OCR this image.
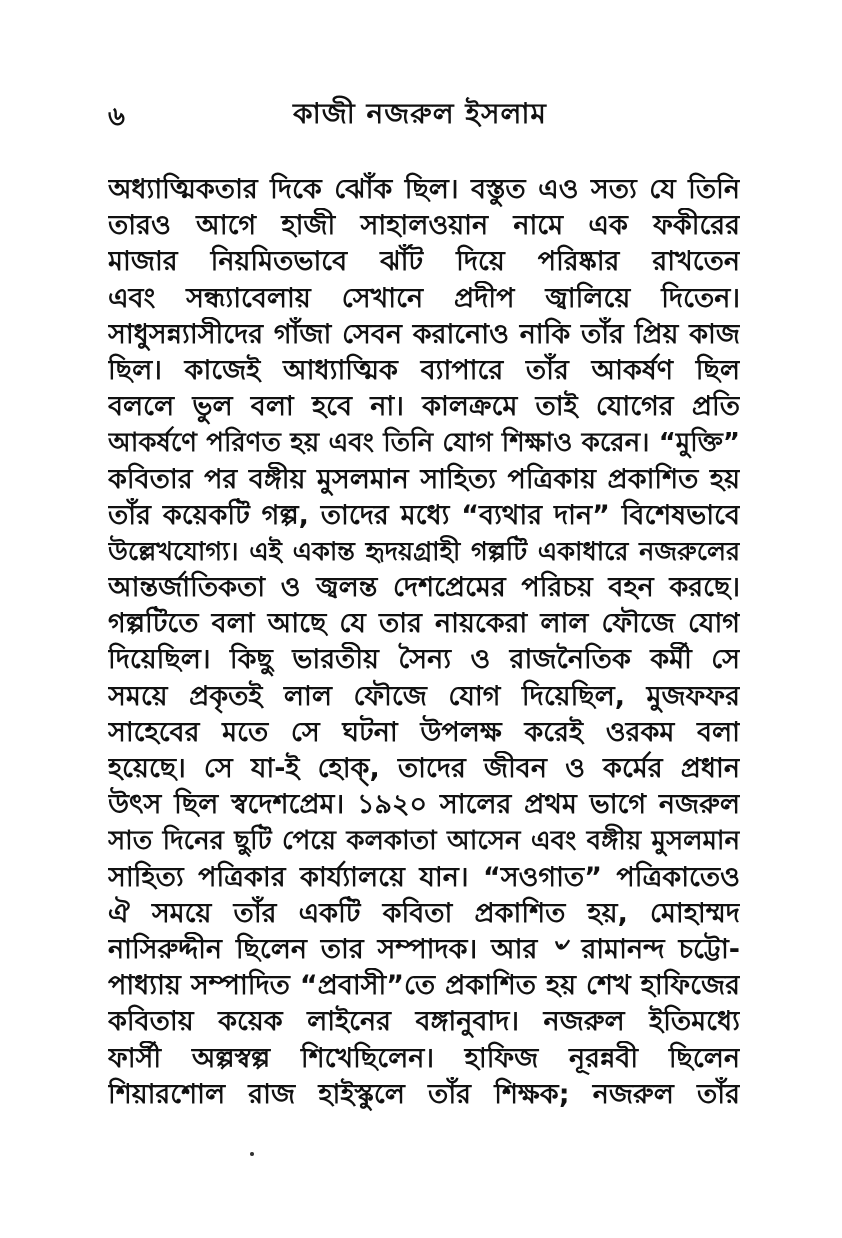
৬	কাজী নজরুল ইসলাম
অধ্যাত্মিকতার দিকে ঝোঁক ছিল। বস্তুত এও সত্য যে তিনি
তারও আগে হাজী সাহালওয়ান নামে এক ফকীরের
মাজার নিয়মিতভাবে ঝাঁট দিয়ে পরিষ্কার রাখতেন
এবং সন্ধ্যাবেলায় সেখানে প্রদীপ জ্বালিয়ে দিতেন।
সাধুসন্ন্যাসীদের গাঁজা সেবন করানোও নাকি তাঁর প্রিয় কাজ
ছিল। কাজেই আধ্যাত্মিক ব্যাপারে তাঁর আকর্ষণ ছিল
বললে ভুল বলা হবে না। কালক্রমে তাই যোগের প্রতি
আকর্ষণে পরিণত হয় এবং তিনি যোগ শিক্ষাও করেন। “মুক্তি”
কবিতার পর বঙ্গীয় মুসলমান সাহিত্য পত্রিকায় প্রকাশিত হয়
তাঁর কয়েকটি গল্প, তাদের মধ্যে “ব্যথার দান” বিশেষভাবে
উল্লেখযোগ্য। এই একান্ত হৃদয়গ্রাহী গল্পটি একাধারে নজরুলের
আন্তর্জাতিকতা ও জ্বলন্ত দেশপ্রেমের পরিচয় বহন করছে।
গল্পটিতে বলা আছে যে তার নায়কেরা লাল ফৌজে যোগ
দিয়েছিল। কিছু ভারতীয় সৈন্য ও রাজনৈতিক কর্মী সে
সময়ে প্রকৃতই লাল ফৌজে যোগ দিয়েছিল, মুজফফর
সাহেবের মতে সে ঘটনা উপলক্ষ করেই ওরকম বলা
হয়েছে। সে যা-ই হোক্, তাদের জীবন ও কর্মের প্রধান
উৎস ছিল স্বদেশপ্রেম। ১৯২০ সালের প্রথম ভাগে নজরুল
সাত দিনের ছুটি পেয়ে কলকাতা আসেন এবং বঙ্গীয় মুসলমান
সাহিত্য পত্রিকার কার্য্যালয়ে যান। “সওগাত” পত্রিকাতেও
ঐ সময়ে তাঁর একটি কবিতা প্রকাশিত হয়, মোহাম্মদ
নাসিরুদ্দীন ছিলেন তার সম্পাদক। আর ৺ রামানন্দ চট্টো-
পাধ্যায় সম্পাদিত “প্রবাসী”তে প্রকাশিত হয় শেখ হাফিজের
কবিতায় কয়েক লাইনের বঙ্গানুবাদ। নজরুল ইতিমধ্যে
ফার্সী অল্পস্বল্প শিখেছিলেন। হাফিজ নূরন্নবী ছিলেন
শিয়ারশোল রাজ হাইস্কুলে তাঁর শিক্ষক; নজরুল তাঁর
